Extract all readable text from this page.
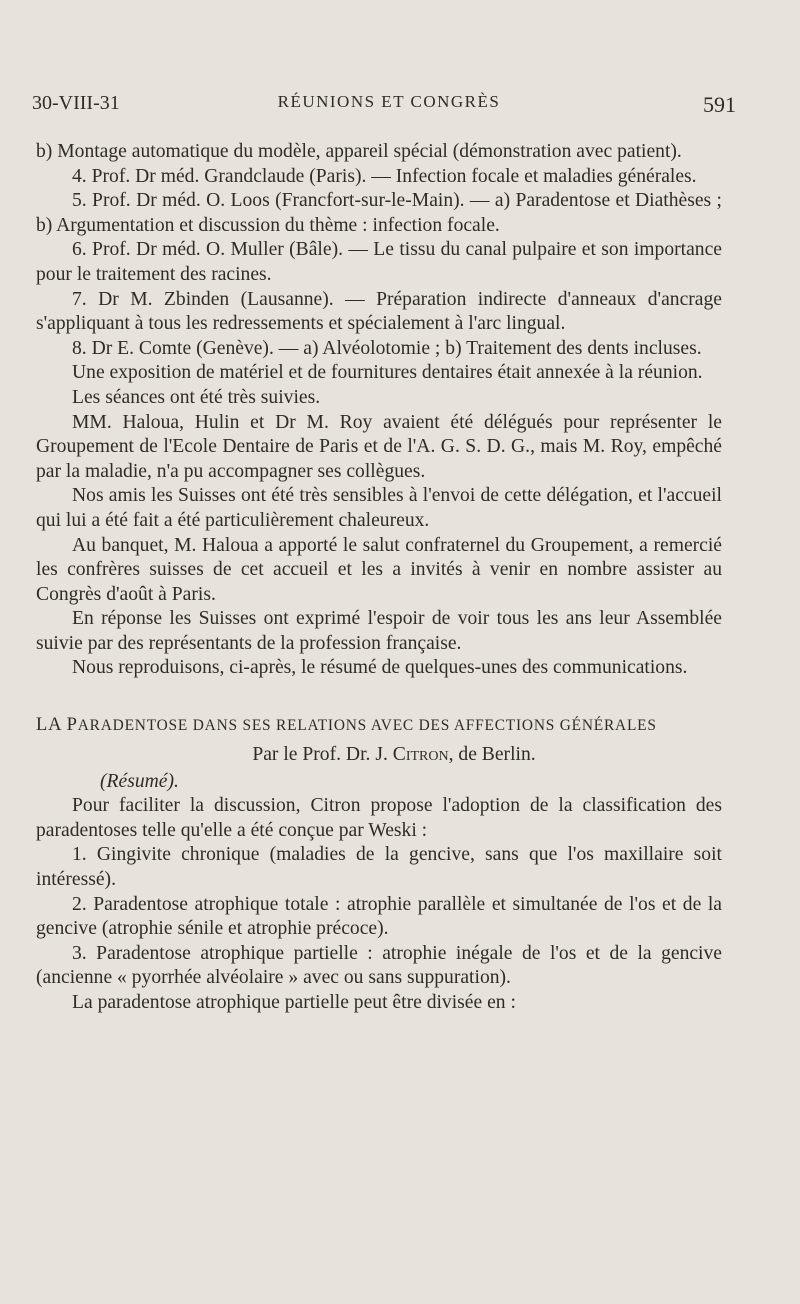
30-VIII-31	RÉUNIONS ET CONGRÈS	591

b) Montage automatique du modèle, appareil spécial (démonstration avec patient).

4. Prof. Dr méd. Grandclaude (Paris). — Infection focale et maladies générales.

5. Prof. Dr méd. O. Loos (Francfort-sur-le-Main). — a) Paradentose et Diathèses ; b) Argumentation et discussion du thème : infection focale.

6. Prof. Dr méd. O. Muller (Bâle). — Le tissu du canal pulpaire et son importance pour le traitement des racines.

7. Dr M. Zbinden (Lausanne). — Préparation indirecte d'anneaux d'ancrage s'appliquant à tous les redressements et spécialement à l'arc lingual.

8. Dr E. Comte (Genève). — a) Alvéolotomie ; b) Traitement des dents incluses.

Une exposition de matériel et de fournitures dentaires était annexée à la réunion.

Les séances ont été très suivies.

MM. Haloua, Hulin et Dr M. Roy avaient été délégués pour représenter le Groupement de l'Ecole Dentaire de Paris et de l'A. G. S. D. G., mais M. Roy, empêché par la maladie, n'a pu accompagner ses collègues.

Nos amis les Suisses ont été très sensibles à l'envoi de cette délégation, et l'accueil qui lui a été fait a été particulièrement chaleureux.

Au banquet, M. Haloua a apporté le salut confraternel du Groupement, a remercié les confrères suisses de cet accueil et les a invités à venir en nombre assister au Congrès d'août à Paris.

En réponse les Suisses ont exprimé l'espoir de voir tous les ans leur Assemblée suivie par des représentants de la profession française.

Nous reproduisons, ci-après, le résumé de quelques-unes des communications.

LA PARADENTOSE DANS SES RELATIONS AVEC DES AFFECTIONS GÉNÉRALES

Par le Prof. Dr. J. Citron, de Berlin.

(Résumé).

Pour faciliter la discussion, Citron propose l'adoption de la classification des paradentoses telle qu'elle a été conçue par Weski :

1. Gingivite chronique (maladies de la gencive, sans que l'os maxillaire soit intéressé).

2. Paradentose atrophique totale : atrophie parallèle et simultanée de l'os et de la gencive (atrophie sénile et atrophie précoce).

3. Paradentose atrophique partielle : atrophie inégale de l'os et de la gencive (ancienne « pyorrhée alvéolaire » avec ou sans suppuration).

La paradentose atrophique partielle peut être divisée en :
